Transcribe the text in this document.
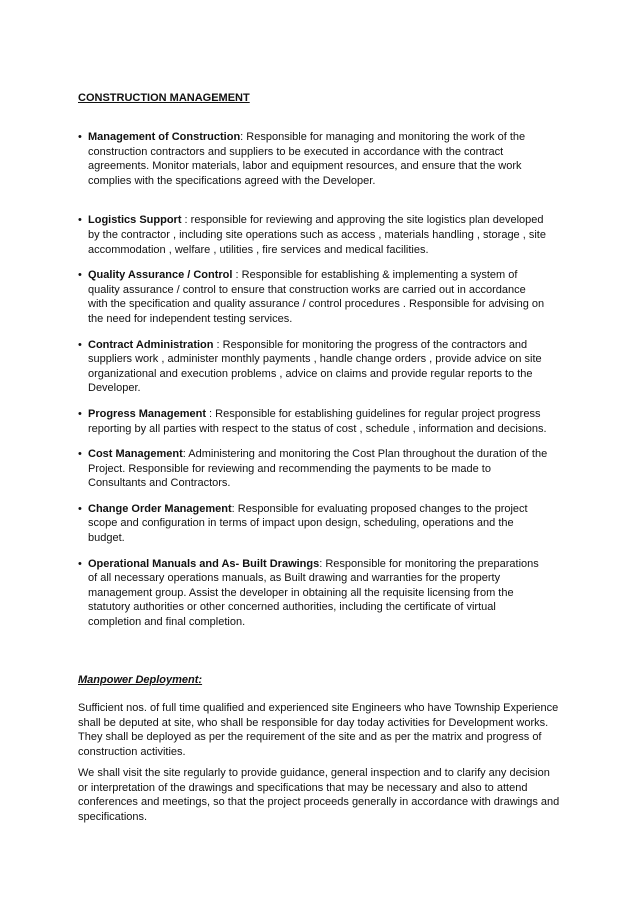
CONSTRUCTION MANAGEMENT
• Management of Construction: Responsible for managing and monitoring the work of the construction contractors and suppliers to be executed in accordance with the contract agreements. Monitor materials, labor and equipment resources, and ensure that the work complies with the specifications agreed with the Developer.
• Logistics Support : responsible for reviewing and approving the site logistics plan developed by the contractor , including site operations such as access , materials handling , storage , site accommodation , welfare , utilities , fire services and medical facilities.
• Quality Assurance / Control : Responsible for establishing & implementing a system of quality assurance / control to ensure that construction works are carried out in accordance with the specification and quality assurance / control procedures . Responsible for advising on the need for independent testing services.
• Contract Administration : Responsible for monitoring the progress of the contractors and suppliers work , administer monthly payments , handle change orders , provide advice on site organizational and execution problems , advice on claims and provide regular reports to the Developer.
• Progress Management : Responsible for establishing guidelines for regular project progress reporting by all parties with respect to the status of cost , schedule , information and decisions.
• Cost Management: Administering and monitoring the Cost Plan throughout the duration of the Project. Responsible for reviewing and recommending the payments to be made to Consultants and Contractors.
• Change Order Management: Responsible for evaluating proposed changes to the project scope and configuration in terms of impact upon design, scheduling, operations and the budget.
• Operational Manuals and As- Built Drawings: Responsible for monitoring the preparations of all necessary operations manuals, as Built drawing and warranties for the property management group. Assist the developer in obtaining all the requisite licensing from the statutory authorities or other concerned authorities, including the certificate of virtual completion and final completion.
Manpower Deployment:

Sufficient nos. of full time qualified and experienced site Engineers who have Township Experience shall be deputed at site, who shall be responsible for day today activities for Development works. They shall be deployed as per the requirement of the site and as per the matrix and progress of construction activities.

We shall visit the site regularly to provide guidance, general inspection and to clarify any decision or interpretation of the drawings and specifications that may be necessary and also to attend conferences and meetings, so that the project proceeds generally in accordance with drawings and specifications.
